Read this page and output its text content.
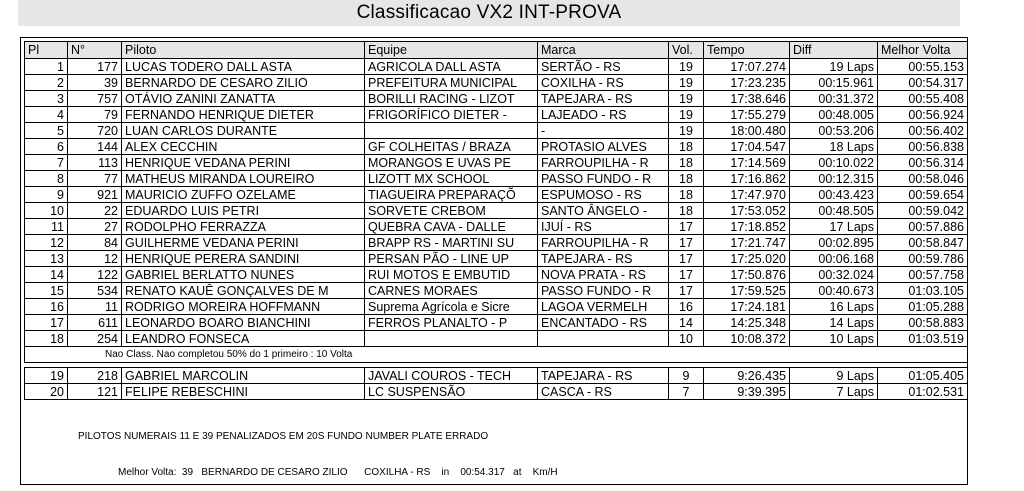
Classificacao VX2 INT-PROVA
Pl	N°	Piloto	Equipe	Marca	Vol.	Tempo	Diff	Melhor Volta
1	177	LUCAS TODERO DALL ASTA	AGRICOLA DALL ASTA	SERTÃO - RS	19	17:07.274	19 Laps	00:55.153
2	39	BERNARDO DE CESARO ZILIO	PREFEITURA MUNICIPAL	COXILHA - RS	19	17:23.235	00:15.961	00:54.317
3	757	OTÁVIO ZANINI ZANATTA	BORILLI RACING - LIZOT	TAPEJARA - RS	19	17:38.646	00:31.372	00:55.408
4	79	FERNANDO HENRIQUE DIETER	FRIGORÍFICO DIETER -	LAJEADO - RS	19	17:55.279	00:48.005	00:56.924
5	720	LUAN CARLOS DURANTE		-	19	18:00.480	00:53.206	00:56.402
6	144	ALEX CECCHIN	GF COLHEITAS / BRAZA	PROTASIO ALVES	18	17:04.547	18 Laps	00:56.838
7	113	HENRIQUE VEDANA PERINI	MORANGOS E UVAS PE	FARROUPILHA - R	18	17:14.569	00:10.022	00:56.314
8	77	MATHEUS MIRANDA LOUREIRO	LIZOTT MX SCHOOL	PASSO FUNDO - R	18	17:16.862	00:12.315	00:58.046
9	921	MAURICIO ZUFFO OZELAME	TIAGUEIRA PREPARAÇÕ	ESPUMOSO - RS	18	17:47.970	00:43.423	00:59.654
10	22	EDUARDO LUIS PETRI	SORVETE CREBOM	SANTO ÂNGELO -	18	17:53.052	00:48.505	00:59.042
11	27	RODOLPHO FERRAZZA	QUEBRA CAVA - DALLE	IJUÍ - RS	17	17:18.852	17 Laps	00:57.886
12	84	GUILHERME VEDANA PERINI	BRAPP RS - MARTINI SU	FARROUPILHA - R	17	17:21.747	00:02.895	00:58.847
13	12	HENRIQUE PERERA SANDINI	PERSAN PÃO - LINE UP	TAPEJARA - RS	17	17:25.020	00:06.168	00:59.786
14	122	GABRIEL BERLATTO NUNES	RUI MOTOS E EMBUTID	NOVA PRATA - RS	17	17:50.876	00:32.024	00:57.758
15	534	RENATO KAUÊ GONÇALVES DE M	CARNES MORAES	PASSO FUNDO - R	17	17:59.525	00:40.673	01:03.105
16	11	RODRIGO MOREIRA HOFFMANN	Suprema Agrícola e Sicre	LAGOA VERMELH	16	17:24.181	16 Laps	01:05.288
17	611	LEONARDO BOARO BIANCHINI	FERROS PLANALTO - P	ENCANTADO - RS	14	14:25.348	14 Laps	00:58.883
18	254	LEANDRO FONSECA			10	10:08.372	10 Laps	01:03.519
Nao Class. Nao completou 50% do 1 primeiro : 10 Volta								

19	218	GABRIEL MARCOLIN	JAVALI COUROS - TECH	TAPEJARA - RS	9	9:26.435	9 Laps	01:05.405
20	121	FELIPE REBESCHINI	LC SUSPENSÃO	CASCA - RS	7	9:39.395	7 Laps	01:02.531
PILOTOS NUMERAIS 11 E 39 PENALIZADOS EM 20S FUNDO NUMBER PLATE ERRADO
Melhor Volta:  39   BERNARDO DE CESARO ZILIO      COXILHA - RS    in    00:54.317   at    Km/H
